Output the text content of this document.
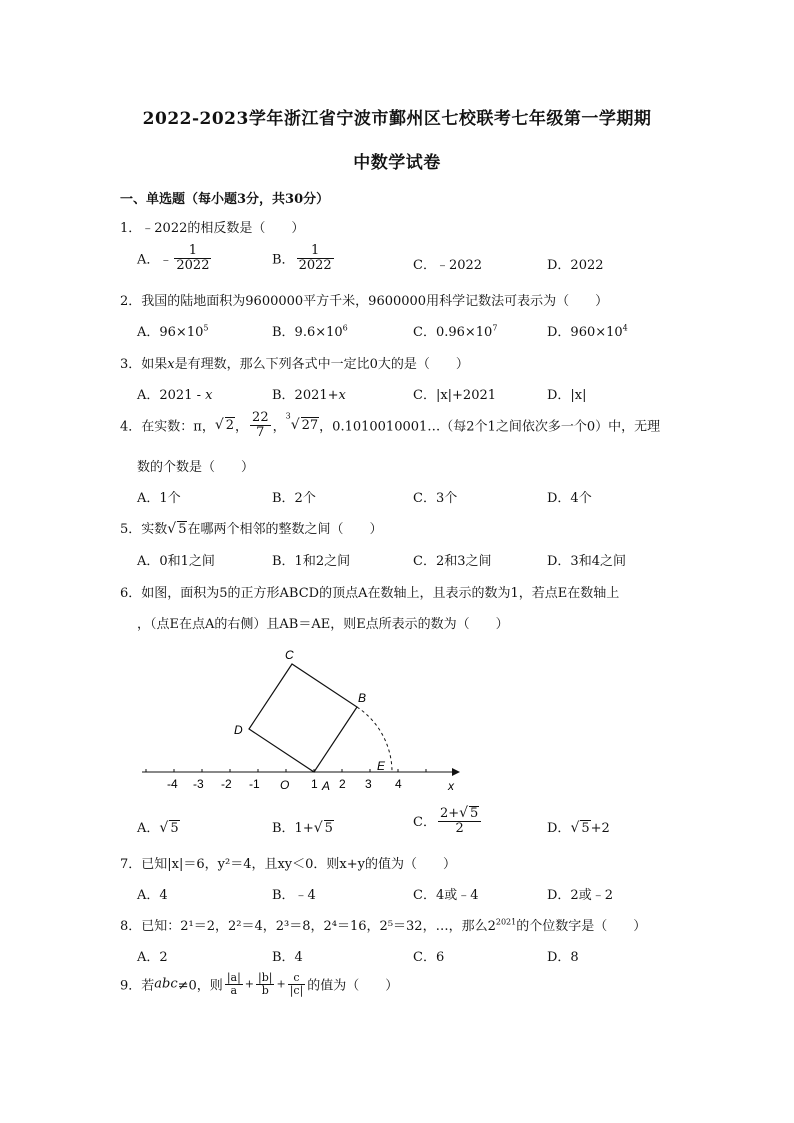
2022-2023学年浙江省宁波市鄞州区七校联考七年级第一学期期
中数学试卷
一、单选题（每小题3分，共30分）
1．﹣2022的相反数是（　　）
A．﹣ $\frac{1}{2022}$	B． $\frac{1}{2022}$	C．﹣2022	D．2022
2．我国的陆地面积为9600000平方千米，9600000用科学记数法可表示为（　　）
A．$96\times 10^5$	B．$9.6\times 10^6$	C．$0.96\times 10^7$	D．$960\times 10^4$
3．如果x是有理数，那么下列各式中一定比0大的是（　　）
A．2021 - x	B．2021+x	C．|x|+2021	D．|x|
4．在实数：π，√ 2， $\frac{22}{7}$ ，$^3$√ 27，0.1010010001…（每2个1之间依次多一个0）中，无理
数的个数是（　　）
A．1个	B．2个	C．3个	D．4个
5．实数√ 5在哪两个相邻的整数之间（　　）
A．0和1之间	B．1和2之间	C．2和3之间	D．3和4之间
6．如图，面积为5的正方形ABCD的顶点A在数轴上，且表示的数为1，若点E在数轴上
，（点E在点A的右侧）且AB＝AE，则E点所表示的数为（　　）
-4 -3 -2 -1 O 1 A 2 3 4	x
C
B
D
E
A．√ 5	B．1+√ 5	C． $\frac{2+√ 5}{2}$	D．√ 5+2
7．已知|x|＝6，y²＝4，且xy＜0．则x+y的值为（　　）
A．4	B．﹣4	C．4或﹣4	D．2或﹣2
8．已知：2¹＝2，2²＝4，2³＝8，2⁴＝16，2⁵＝32，…，那么$2^{2021}$的个位数字是（　　）
A．2	B．4	C．6	D．8
9．若abc≠0，则 $\frac{|a|}{a} + \frac{|b|}{b} + \frac{c}{|c|}$ 的值为（　　）
